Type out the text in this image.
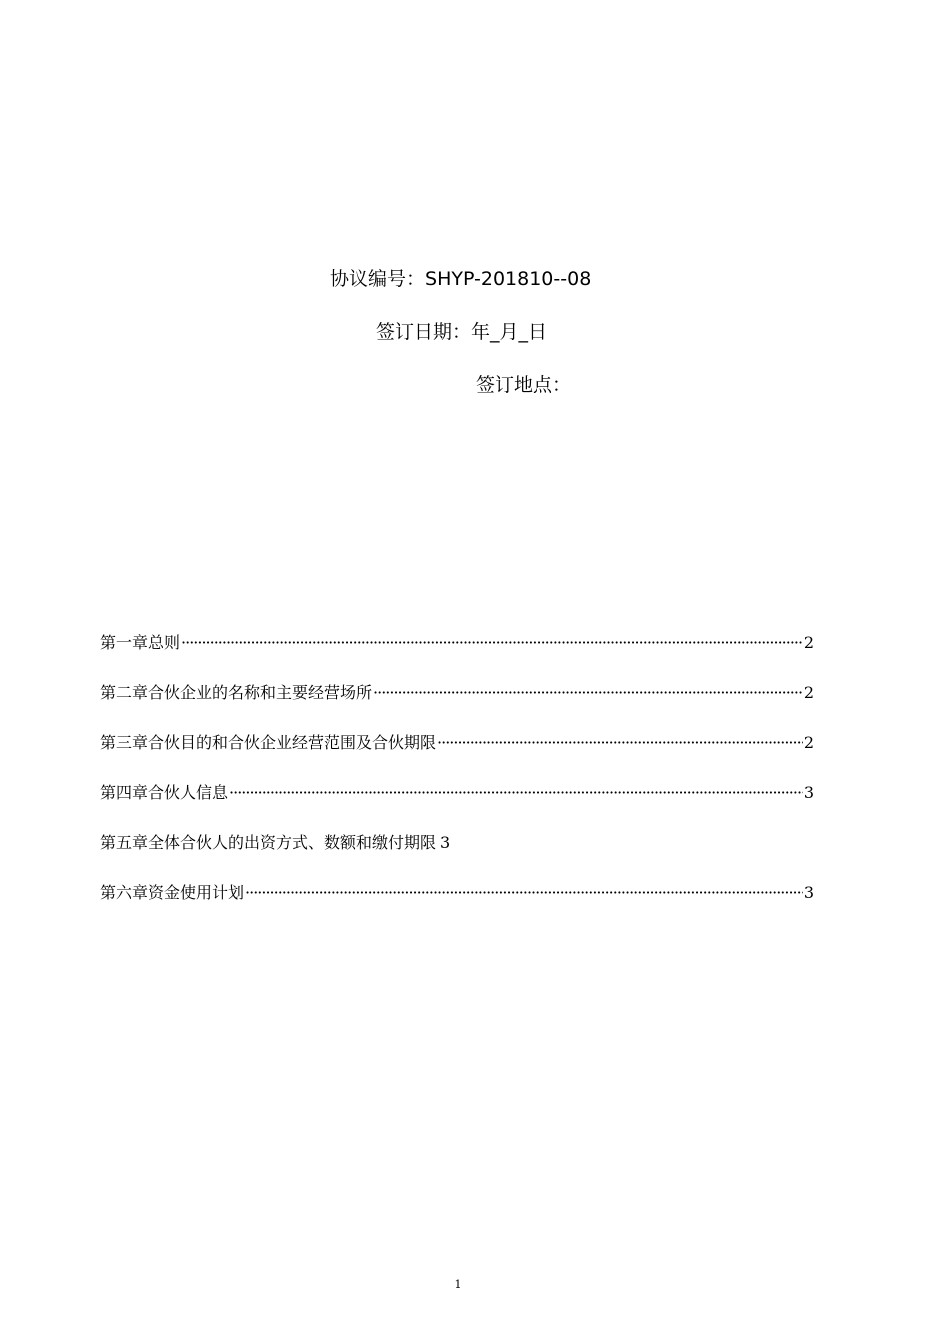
协议编号：SHYP-201810--08
签订日期：年_月_日
签订地点：
第一章总则 ·····	2
第二章合伙企业的名称和主要经营场所 ·····	2
第三章合伙目的和合伙企业经营范围及合伙期限 ·····	2
第四章合伙人信息 ·····	3
第五章全体合伙人的出资方式、数额和缴付期限 3
第六章资金使用计划 ·····	3
1
